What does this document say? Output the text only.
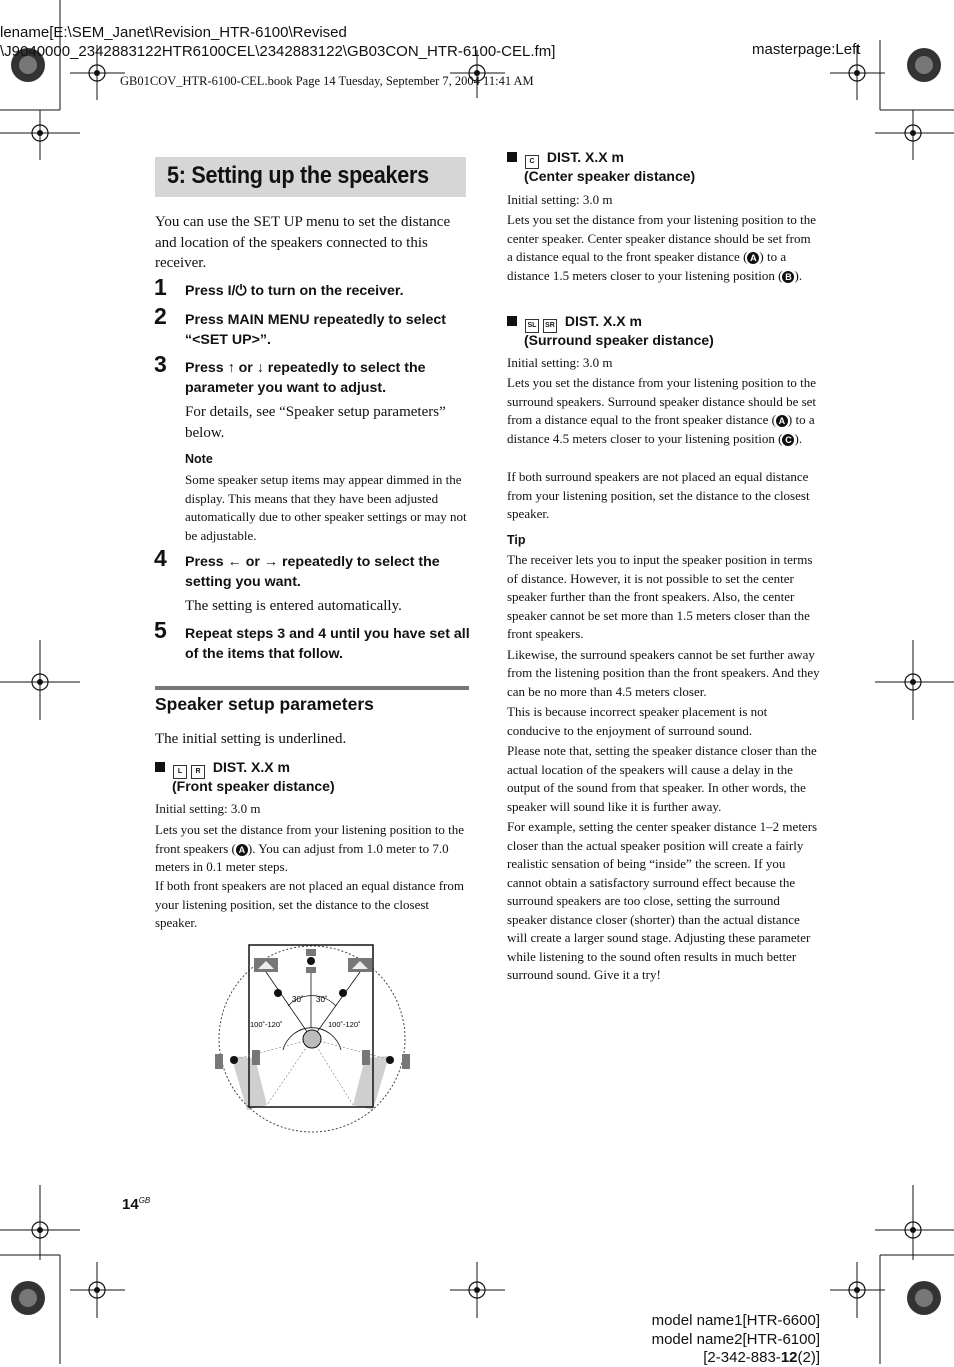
lename[E:\SEM_Janet\Revision_HTR-6100\Revised
\J9040000_2342883122HTR6100CEL\2342883122\GB03CON_HTR-6100-CEL.fm]	masterpage:Left
GB01COV_HTR-6100-CEL.book Page 14 Tuesday, September 7, 2004 11:41 AM
5: Setting up the speakers
You can use the SET UP menu to set the distance and location of the speakers connected to this receiver.
1 Press I/⏻ to turn on the receiver.
2 Press MAIN MENU repeatedly to select “<SET UP>”.
3 Press ↑ or ↓ repeatedly to select the parameter you want to adjust.
For details, see “Speaker setup parameters” below.
Note
Some speaker setup items may appear dimmed in the display. This means that they have been adjusted automatically due to other speaker settings or may not be adjustable.
4 Press ← or → repeatedly to select the setting you want.
The setting is entered automatically.
5 Repeat steps 3 and 4 until you have set all of the items that follow.
Speaker setup parameters
The initial setting is underlined.
L R DIST. X.X m
(Front speaker distance)
Initial setting: 3.0 m
Lets you set the distance from your listening position to the front speakers ( A ). You can adjust from 1.0 meter to 7.0 meters in 0.1 meter steps.
If both front speakers are not placed an equal distance from your listening position, set the distance to the closest speaker.
30˚ 30˚
100˚-120˚	100˚-120˚
C DIST. X.X m
(Center speaker distance)
Initial setting: 3.0 m
Lets you set the distance from your listening position to the center speaker. Center speaker distance should be set from a distance equal to the front speaker distance ( A ) to a distance 1.5 meters closer to your listening position ( B ).
SL SR DIST. X.X m
(Surround speaker distance)
Initial setting: 3.0 m
Lets you set the distance from your listening position to the surround speakers. Surround speaker distance should be set from a distance equal to the front speaker distance ( A ) to a distance 4.5 meters closer to your listening position ( C ).
If both surround speakers are not placed an equal distance from your listening position, set the distance to the closest speaker.
Tip
The receiver lets you to input the speaker position in terms of distance. However, it is not possible to set the center speaker further than the front speakers. Also, the center speaker cannot be set more than 1.5 meters closer than the front speakers.
Likewise, the surround speakers cannot be set further away from the listening position than the front speakers. And they can be no more than 4.5 meters closer.
This is because incorrect speaker placement is not conducive to the enjoyment of surround sound.
Please note that, setting the speaker distance closer than the actual location of the speakers will cause a delay in the output of the sound from that speaker. In other words, the speaker will sound like it is further away.
For example, setting the center speaker distance 1–2 meters closer than the actual speaker position will create a fairly realistic sensation of being “inside” the screen. If you cannot obtain a satisfactory surround effect because the surround speakers are too close, setting the surround speaker distance closer (shorter) than the actual distance will create a larger sound stage. Adjusting these parameter while listening to the sound often results in much better surround sound. Give it a try!
$14^{GB}$
model name1[HTR-6600]
model name2[HTR-6100]
[2-342-883-12(2)]
